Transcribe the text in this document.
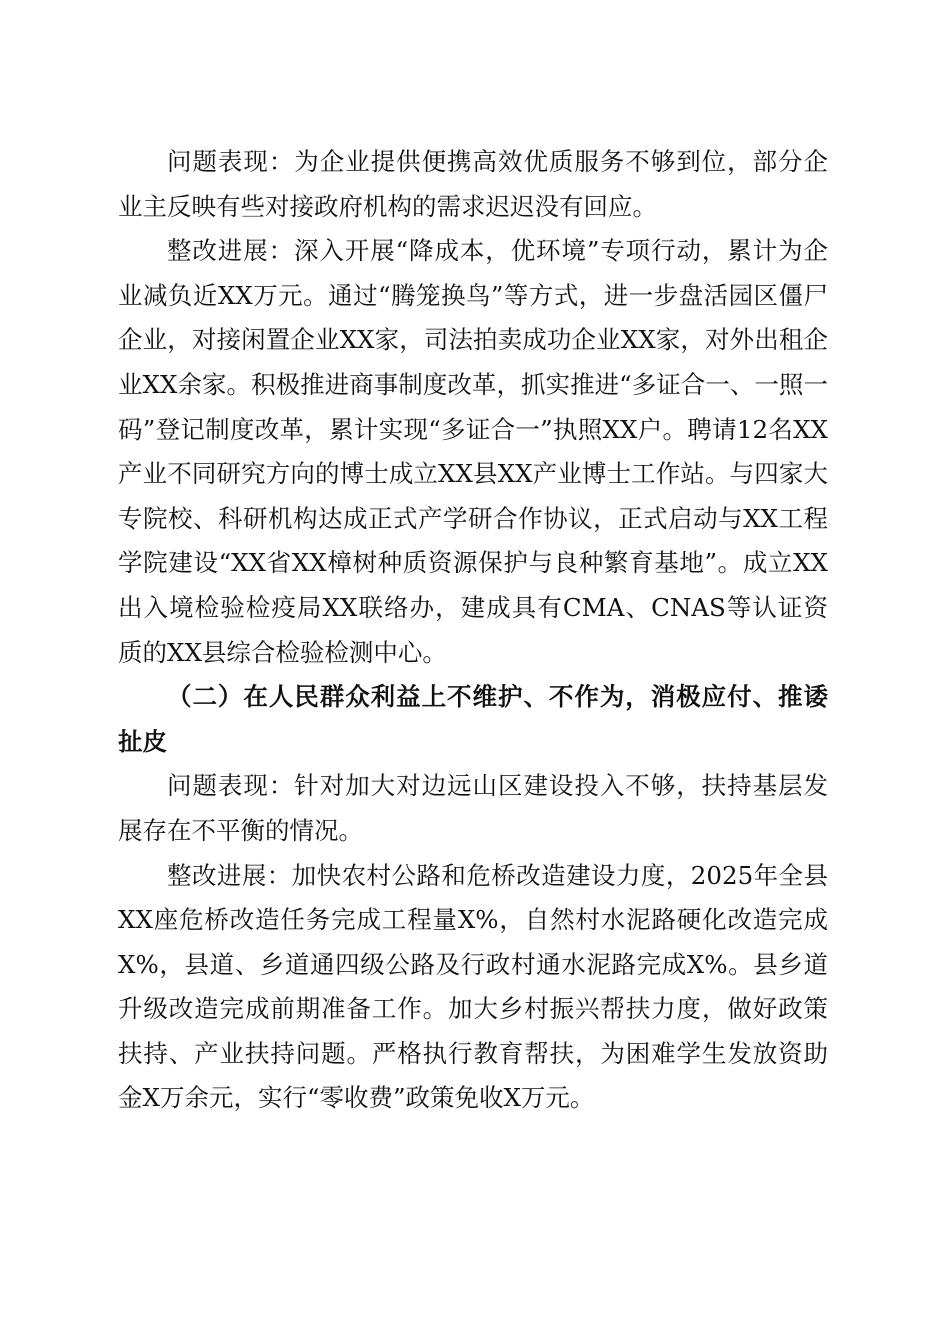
问题表现：为企业提供便携高效优质服务不够到位，部分企业主反映有些对接政府机构的需求迟迟没有回应。

整改进展：深入开展“降成本，优环境”专项行动，累计为企业减负近XX万元。通过“腾笼换鸟”等方式，进一步盘活园区僵尸企业，对接闲置企业XX家，司法拍卖成功企业XX家，对外出租企业XX余家。积极推进商事制度改革，抓实推进“多证合一、一照一码”登记制度改革，累计实现“多证合一”执照XX户。聘请12名XX产业不同研究方向的博士成立XX县XX产业博士工作站。与四家大专院校、科研机构达成正式产学研合作协议，正式启动与XX工程学院建设“XX省XX樟树种质资源保护与良种繁育基地”。成立XX出入境检验检疫局XX联络办，建成具有CMA、CNAS等认证资质的XX县综合检验检测中心。

（二）在人民群众利益上不维护、不作为，消极应付、推诿扯皮

问题表现：针对加大对边远山区建设投入不够，扶持基层发展存在不平衡的情况。

整改进展：加快农村公路和危桥改造建设力度，2025年全县XX座危桥改造任务完成工程量X%，自然村水泥路硬化改造完成X%，县道、乡道通四级公路及行政村通水泥路完成X%。县乡道升级改造完成前期准备工作。加大乡村振兴帮扶力度，做好政策扶持、产业扶持问题。严格执行教育帮扶，为困难学生发放资助金X万余元，实行“零收费”政策免收X万元。
